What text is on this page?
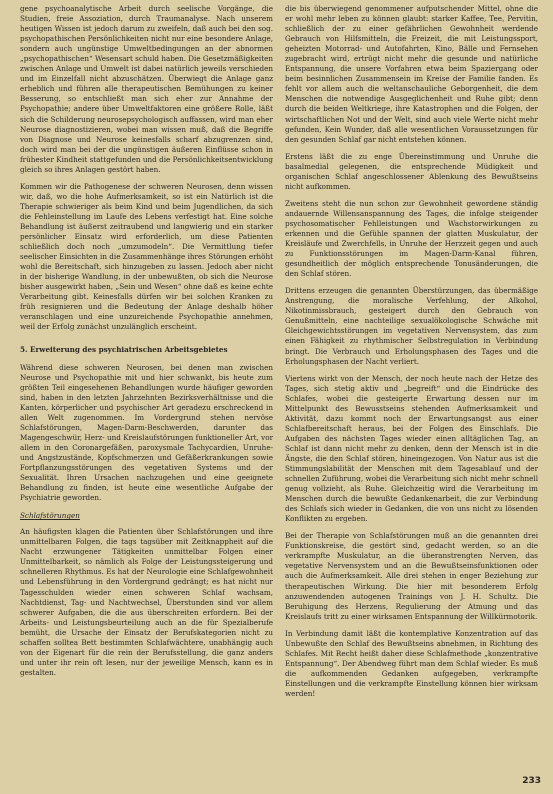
gene psychoanalytische Arbeit durch seelische Vorgänge, die Studien, freie Assoziation, durch Traumanalyse. Nach unserem heutigen Wissen ist jedoch darum zu zweifeln, daß auch bei den sog. psychopathischen Persönlichkeiten nicht nur eine besondere Anlage, sondern auch ungünstige Umweltbedingungen an der abnormen „psychopathischen“ Wesensart schuld haben. Die Gesetzmäßigkeiten zwischen Anlage und Umwelt ist dabei natürlich jeweils verschieden und im Einzelfall nicht abzuschätzen. Überwiegt die Anlage ganz erheblich und führen alle therapeutischen Bemühungen zu keiner Besserung, so entschließt man sich eher zur Annahme der Psychopathie; andere über Umweltfaktoren eine größere Rolle, läßt sich die Schilderung neurosepsychologisch auffassen, wird man eher Neurose diagnostizieren, wobei man wissen muß, daß die Begriffe von Diagnose und Neurose keinesfalls scharf abzugrenzen sind, doch wird man bei der die ungünstigen äußeren Einflüsse schon in frühester Kindheit stattgefunden und die Persönlichkeitsentwicklung gleich so ihres Anlagen gestört haben.

Kommen wir die Pathogenese der schweren Neurosen, denn wissen wir, daß, wo die hohe Aufmerksamkeit, so ist ein Natürlich ist die Therapie schwieriger als beim Kind und beim Jugendlichen, da sich die Fehleinstellung im Laufe des Lebens verfestigt hat. Eine solche Behandlung ist äußerst zeitraubend und langwierig und ein starker persönlicher Einsatz wird erforderlich, um diese Patienten schließlich doch noch „umzumodeln“. Die Vermittlung tiefer seelischer Einsichten in die Zusammenhänge ihres Störungen erhöht wohl die Bereitschaft, sich hinzugeben zu lassen. Jedoch aber nicht in der bisherige Wandlung, in der unbewußten, ob sich die Neurose bisher ausgewirkt haben, „Sein und Wesen“ ohne daß es keine echte Verarbeitung gibt. Keinesfalls dürfen wir bei solchen Kranken zu früh resignieren und die Bedeutung der Anlage deshalb höher veranschlagen und eine unzureichende Psychopathie annehmen, weil der Erfolg zunächst unzulänglich erscheint.

5. Erweiterung des psychiatrischen Arbeitsgebietes

Während diese schweren Neurosen, bei denen man zwischen Neurose und Psychopathie mit und hier schwankt, bis heute zum größten Teil eingesehenen Behandlungen wurde häufiger geworden sind, haben in den letzten Jahrzehnten Bezirksverhältnisse und die Kanten, körperlicher und psychischer Art geradezu erschreckend in allen Welt zugenommen. Im Vordergrund stehen nervöse Schlafstörungen, Magen-Darm-Beschwerden, darunter das Magengeschwür, Herz- und Kreislaufstörungen funktioneller Art, vor allem in den Coronargefäßen, paroxysmale Tachycardien, Unruhe- und Angstzustände, Kopfschmerzen und Gefäßerkrankungen sowie Fortpflanzungsstörungen des vegetativen Systems und der Sexualität. Ihren Ursachen nachzugehen und eine geeignete Behandlung zu finden, ist heute eine wesentliche Aufgabe der Psychiatrie geworden.

Schlafstörungen

An häufigsten klagen die Patienten über Schlafstörungen und ihre unmittelbaren Folgen, die tags tagsüber mit Zeitknappheit auf die Nacht erzwungener Tätigkeiten unmittelbar Folgen einer Unmittelbarkeit, so nämlich als Folge der Leistungssteigerung und schnelleren Rhythmus. Es hat der Neurologie eine Schlafgewohnheit und Lebensführung in den Vordergrund gedrängt; es hat nicht nur Tagesschulden wieder einen schweren Schlaf wachsam, Nachtdienst, Tag- und Nachtwechsel, Überstunden sind vor allem schwerer Aufgaben, die die aus überschreiten erfordern. Bei der Arbeits- und Leistungsbeurteilung auch an die für Spezialberufe bemüht, die Ursache der Einsatz der Berufskategorien nicht zu schaffen solltea Bett bestimmten Schlafwächtere, unabhängig auch von der Eigenart für die rein der Berufsstellung, die ganz anders und unter ihr rein oft lesen, nur der jeweilige Mensch, kann es in gestalten.

die bis überwiegend genommener aufputschender Mittel, ohne die er wohl mehr leben zu können glaubt: starker Kaffee, Tee, Pervitin, schließlich der zu einer gefährlichen Gewohnheit werdende Gebrauch von Hilfsmitteln, die Freizeit, die mit Leistungssport, geheizten Motorrad- und Autofahrten, Kino, Bälle und Fernsehen zugebracht wird, ertrügt nicht mehr die gesunde und natürliche Entspannung, die unsere Vorfahren etwa beim Spaziergang oder beim besinnlichen Zusammensein im Kreise der Familie fanden. Es fehlt vor allem auch die weltanschauliche Geborgenheit, die dem Menschen die notwendige Ausgeglichenheit und Ruhe gibt; denn durch die beiden Weltkriege, ihre Katastrophen und die Folgen, der wirtschaftlichen Not und der Welt, sind auch viele Werte nicht mehr gefunden, Kein Wunder, daß alle wesentlichen Voraussetzungen für den gesunden Schlaf gar nicht entstehen können.

Erstens läßt die zu enge Übereinstimmung und Unruhe die basalmedial gelegenen, die entsprechende Müdigkeit und organischen Schlaf angeschlossener Ablenkung des Bewußtseins nicht aufkommen.

Zweitens steht die nun schon zur Gewohnheit gewordene ständig andauernde Willensanspannung des Tages, die infolge steigender psychosomatischer Fehlleistungen und Wachstorwirkungen zu erkennen und die Gefühle spannen der glatten Muskulatur, der Kreisläufe und Zwerchfells, in Unruhe der Herzzeit gegen und auch zu Funktionsstörungen im Magen-Darm-Kanal führen, gesundheitlich der möglich entsprechende Tonusänderungen, die den Schlaf stören.

Drittens erzeugen die genannten Überstürzungen, das übermäßige Anstrengung, die moralische Verfehlung, der Alkohol, Nikotinmissbrauch, gesteigert durch den Gebrauch von Genußmitteln, eine nachteilige sexualökologische Schwäche mit Gleichgewichtsstörungen im vegetativen Nervensystem, das zum einen Fähigkeit zu rhythmischer Selbstregulation in Verbindung bringt. Die Verbrauch und Erholungsphasen des Tages und die Erholungsphasen der Nacht verliert.

Viertens wirkt von der Mensch, der noch heute nach der Hetze des Tages, sich stetig aktiv und „begreift“ und die Eindrücke des Schlafes, wobei die gesteigerte Erwartung dessen nur im Mittelpunkt des Bewusstseins stehenden Aufmerksamkeit und Aktivität, dazu kommt noch der Erwartungsangst aus einer Schlafbereitschaft heraus, bei der Folgen des Einschlafs. Die Aufgaben des nächsten Tages wieder einen alltäglichen Tag, an Schlaf ist dann nicht mehr zu denken, denn der Mensch ist in die Ängste, die den Schlaf stören, hineingezogen. Von Natur aus ist die Stimmungslabilität der Menschen mit dem Tagesablauf und der schnellen Zuführung, wobei die Verarbeitung sich nicht mehr schnell genug vollzieht, als Ruhe. Gleichzeitig wird die Verarbeitung im Menschen durch die bewußte Gedankenarbeit, die zur Verbindung des Schlafs sich wieder in Gedanken, die von uns nicht zu lösenden Konflikten zu ergeben.

Bei der Therapie von Schlafstörungen muß an die genannten drei Funktionskreise, die gestört sind, gedacht werden, so an die verkrampfte Muskulatur, an die überanstrengten Nerven, das vegetative Nervensystem und an die Bewußtseinsfunktionen oder auch die Aufmerksamkeit. Alle drei stehen in enger Beziehung zur therapeutischen Wirkung. Die hier mit besonderem Erfolg anzuwendenden autogenen Trainings von J. H. Schultz. Die Beruhigung des Herzens, Regulierung der Atmung und das Kreislaufs tritt zu einer wirksamen Entspannung der Willkürmotorik.

In Verbindung damit läßt die kontemplative Konzentration auf das Unbewußte den Schlaf des Bewußtseins abnehmen, in Richtung des Schlafes. Mit Recht heißt daher diese Schlafmethode „konzentrative Entspannung“. Der Abendweg führt man dem Schlaf wieder. Es muß die aufkommenden Gedanken aufgegeben, verkrampfte Einstellungen und die verkrampfte Einstellung können hier wirksam werden!

233
